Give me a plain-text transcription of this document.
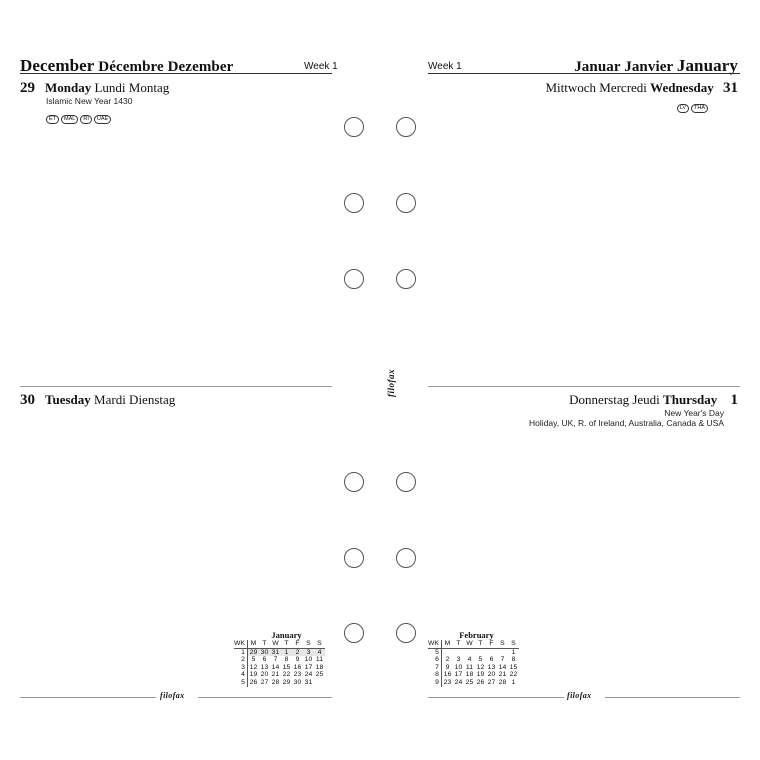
December Décembre Dezember	Week 1
29 Monday Lundi Montag
Islamic New Year 1430
ET MAL RI UAE
30 Tuesday Mardi Dienstag
Week 1	Januar Janvier January
Mittwoch Mercredi Wednesday 31
LV THA
Donnerstag Jeudi Thursday 1
New Year's Day
Holiday, UK, R. of Ireland, Australia, Canada & USA
filofax
January
WK	M	T	W	T	F	S	S
1	29	30	31	1	2	3	4
2	5	6	7	8	9	10	11
3	12	13	14	15	16	17	18
4	19	20	21	22	23	24	25
5	26	27	28	29	30	31	
February
WK	M	T	W	T	F	S	S
5							1
6	2	3	4	5	6	7	8
7	9	10	11	12	13	14	15
8	16	17	18	19	20	21	22
9	23	24	25	26	27	28	1
filofax	filofax
